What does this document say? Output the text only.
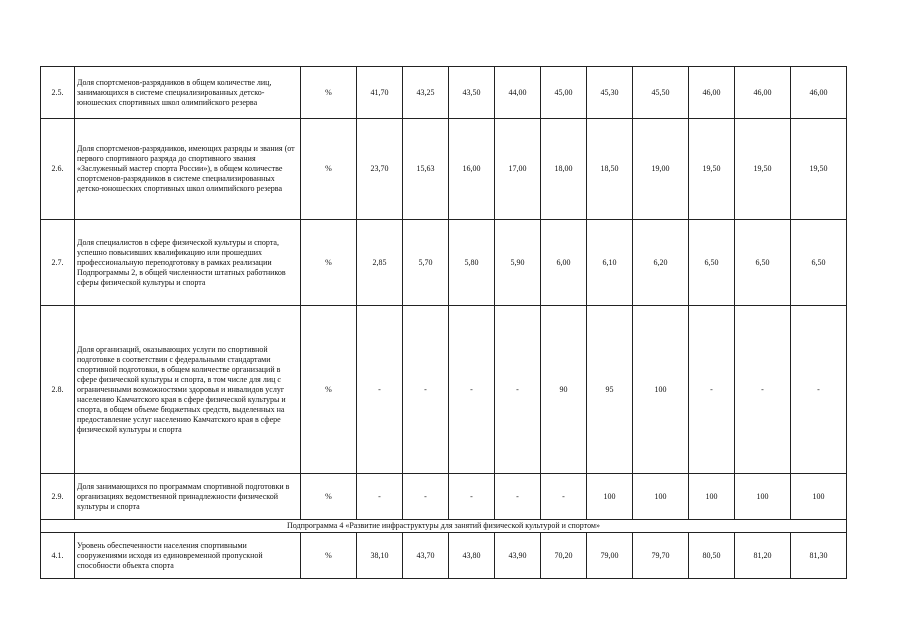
2.5.	Доля спортсменов-разрядников в общем количестве лиц, занимающихся в системе специализированных детско-юношеских спортивных школ олимпийского резерва	%	41,70	43,25	43,50	44,00	45,00	45,30	45,50	46,00	46,00	46,00
2.6.	Доля спортсменов-разрядников, имеющих разряды и звания (от первого спортивного разряда до спортивного звания «Заслуженный мастер спорта России»), в общем количестве спортсменов-разрядников в системе специализированных детско-юношеских спортивных школ олимпийского резерва	%	23,70	15,63	16,00	17,00	18,00	18,50	19,00	19,50	19,50	19,50
2.7.	Доля специалистов в сфере физической культуры и спорта, успешно повысивших квалификацию или прошедших профессиональную переподготовку в рамках реализации Подпрограммы 2, в общей численности штатных работников сферы физической культуры и спорта	%	2,85	5,70	5,80	5,90	6,00	6,10	6,20	6,50	6,50	6,50
2.8.	Доля организаций, оказывающих услуги по спортивной подготовке в соответствии с федеральными стандартами спортивной подготовки, в общем количестве организаций в сфере физической культуры и спорта, в том числе для лиц с ограниченными возможностями здоровья и инвалидов услуг населению Камчатского края в сфере физической культуры и спорта, в общем объеме бюджетных средств, выделенных на предоставление услуг населению Камчатского края в сфере физической культуры и спорта	%	-	-	-	-	90	95	100	-	-	-
2.9.	Доля занимающихся по программам спортивной подготовки в организациях ведомственной принадлежности физической культуры и спорта	%	-	-	-	-	-	100	100	100	100	100
Подпрограмма 4 «Развитие инфраструктуры для занятий физической культурой и спортом»												
4.1.	Уровень обеспеченности населения спортивными сооружениями исходя из единовременной пропускной способности объекта спорта	%	38,10	43,70	43,80	43,90	70,20	79,00	79,70	80,50	81,20	81,30
